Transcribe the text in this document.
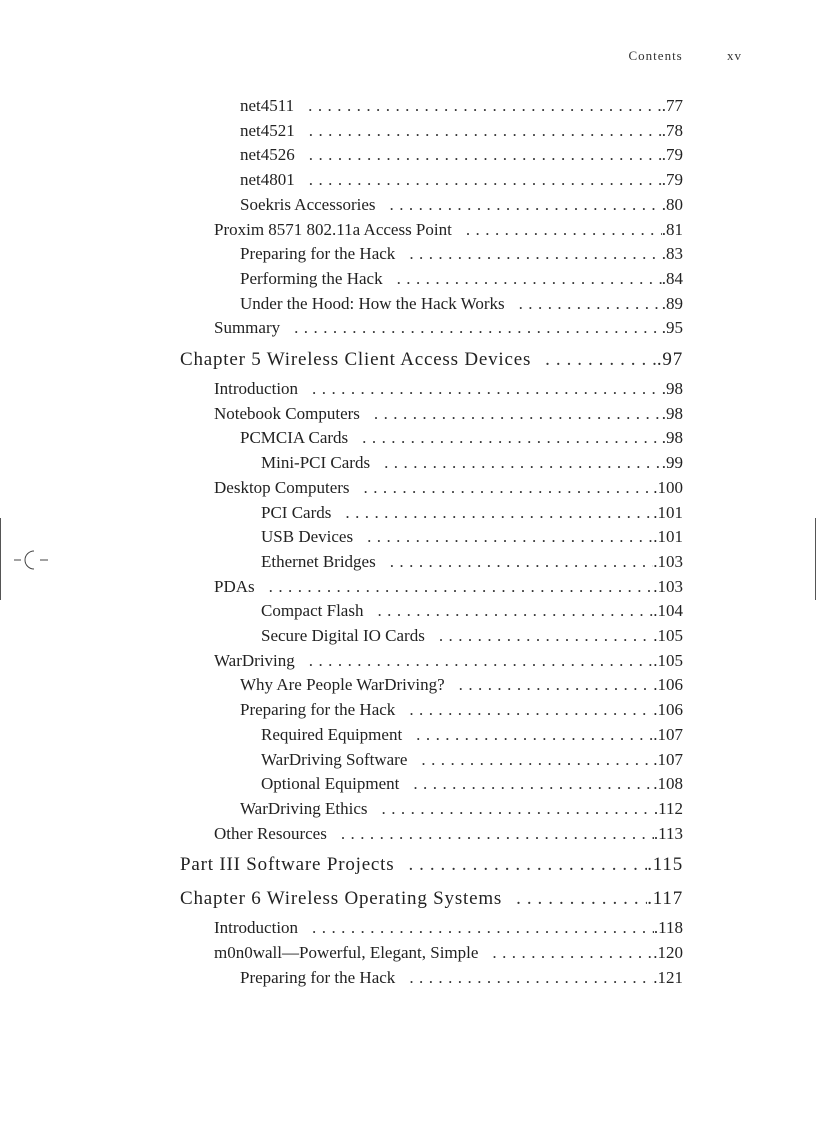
Contents	xv
net4511 . . .	.77
net4521 . . .	.78
net4526 . . .	.79
net4801 . . .	.79
Soekris Accessories . . .	.80
Proxim 8571 802.11a Access Point . . .	.81
Preparing for the Hack . . .	.83
Performing the Hack . . .	.84
Under the Hood: How the Hack Works . . .	.89
Summary . . .	.95
Chapter 5 Wireless Client Access Devices . . .	.97
Introduction . . .	.98
Notebook Computers . . .	.98
PCMCIA Cards . . .	.98
Mini-PCI Cards . . .	.99
Desktop Computers . . .	.100
PCI Cards . . .	.101
USB Devices . . .	.101
Ethernet Bridges . . .	.103
PDAs . . .	.103
Compact Flash . . .	.104
Secure Digital IO Cards . . .	.105
WarDriving . . .	.105
Why Are People WarDriving? . . .	.106
Preparing for the Hack . . .	.106
Required Equipment . . .	.107
WarDriving Software . . .	.107
Optional Equipment . . .	.108
WarDriving Ethics . . .	.112
Other Resources . . .	.113
Part III Software Projects . . .	.115
Chapter 6 Wireless Operating Systems . . .	.117
Introduction . . .	.118
m0n0wall—Powerful, Elegant, Simple . . .	.120
Preparing for the Hack . . .	.121
